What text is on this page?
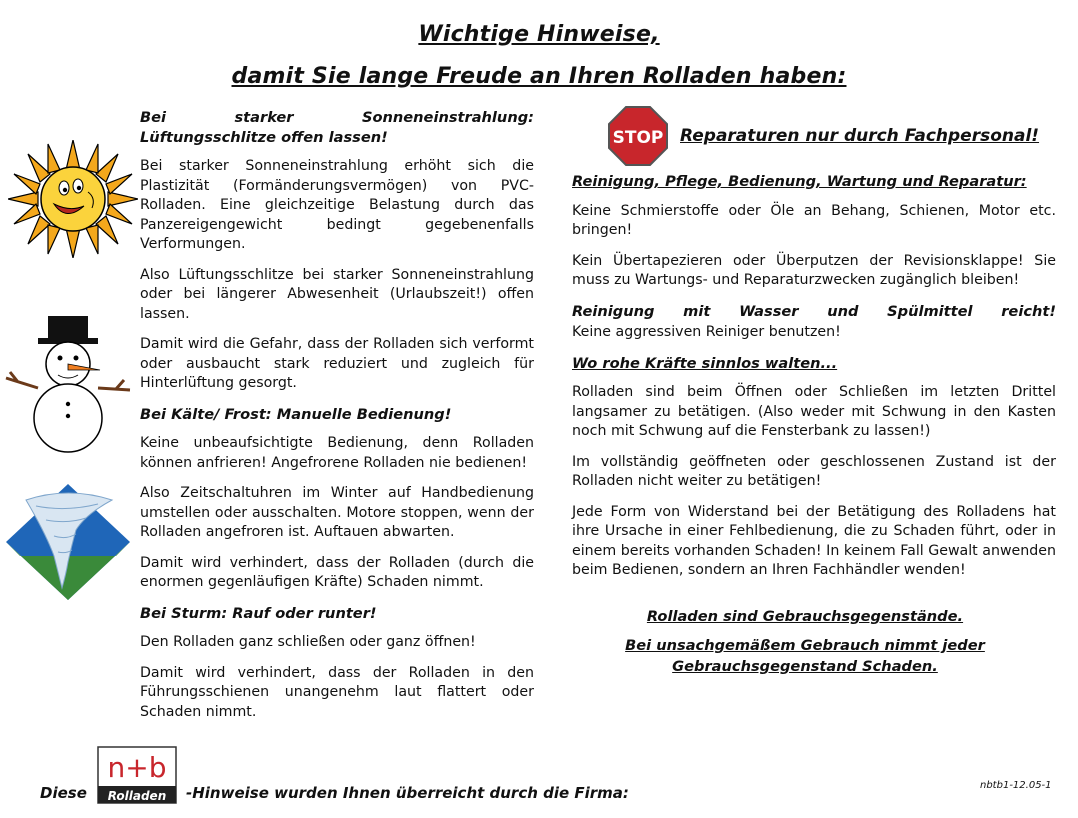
Wichtige Hinweise,
damit Sie lange Freude an Ihren Rolladen haben:
Bei starker Sonneneinstrahlung:
Lüftungsschlitze offen lassen!

Bei starker Sonneneinstrahlung erhöht sich die Plastizität (Formänderungsvermögen) von PVC-Rolladen. Eine gleichzeitige Belastung durch das Panzereigengewicht bedingt gegebenenfalls Verformungen.

Also Lüftungsschlitze bei starker Sonneneinstrahlung oder bei längerer Abwesenheit (Urlaubszeit!) offen lassen.

Damit wird die Gefahr, dass der Rolladen sich verformt oder ausbaucht stark reduziert und zugleich für Hinterlüftung gesorgt.

Bei Kälte/ Frost: Manuelle Bedienung!

Keine unbeaufsichtigte Bedienung, denn Rolladen können anfrieren! Angefrorene Rolladen nie bedienen!

Also Zeitschaltuhren im Winter auf Handbedienung umstellen oder ausschalten. Motore stoppen, wenn der Rolladen angefroren ist. Auftauen abwarten.

Damit wird verhindert, dass der Rolladen (durch die enormen gegenläufigen Kräfte) Schaden nimmt.

Bei Sturm: Rauf oder runter!

Den Rolladen ganz schließen oder ganz öffnen!

Damit wird verhindert, dass der Rolladen in den Führungsschienen unangenehm laut flattert oder Schaden nimmt.

STOP Reparaturen nur durch Fachpersonal!
Reinigung, Pflege, Bedienung, Wartung und Reparatur:

Keine Schmierstoffe oder Öle an Behang, Schienen, Motor etc. bringen!

Kein Übertapezieren oder Überputzen der Revisionsklappe! Sie muss zu Wartungs- und Reparaturzwecken zugänglich bleiben!

Reinigung mit Wasser und Spülmittel reicht!

Keine aggressiven Reiniger benutzen!

Wo rohe Kräfte sinnlos walten...

Rolladen sind beim Öffnen oder Schließen im letzten Drittel langsamer zu betätigen. (Also weder mit Schwung in den Kasten noch mit Schwung auf die Fensterbank zu lassen!)

Im vollständig geöffneten oder geschlossenen Zustand ist der Rolladen nicht weiter zu betätigen!

Jede Form von Widerstand bei der Betätigung des Rolladens hat ihre Ursache in einer Fehlbedienung, die zu Schaden führt, oder in einem bereits vorhanden Schaden! In keinem Fall Gewalt anwenden beim Bedienen, sondern an Ihren Fachhändler wenden!

Rolladen sind Gebrauchsgegenstände.
Bei unsachgemäßem Gebrauch nimmt jeder
Gebrauchsgegenstand Schaden.
Diese
n+b
Rolladen -Hinweise wurden Ihnen überreicht durch die Firma:	nbtb1-12.05-1
